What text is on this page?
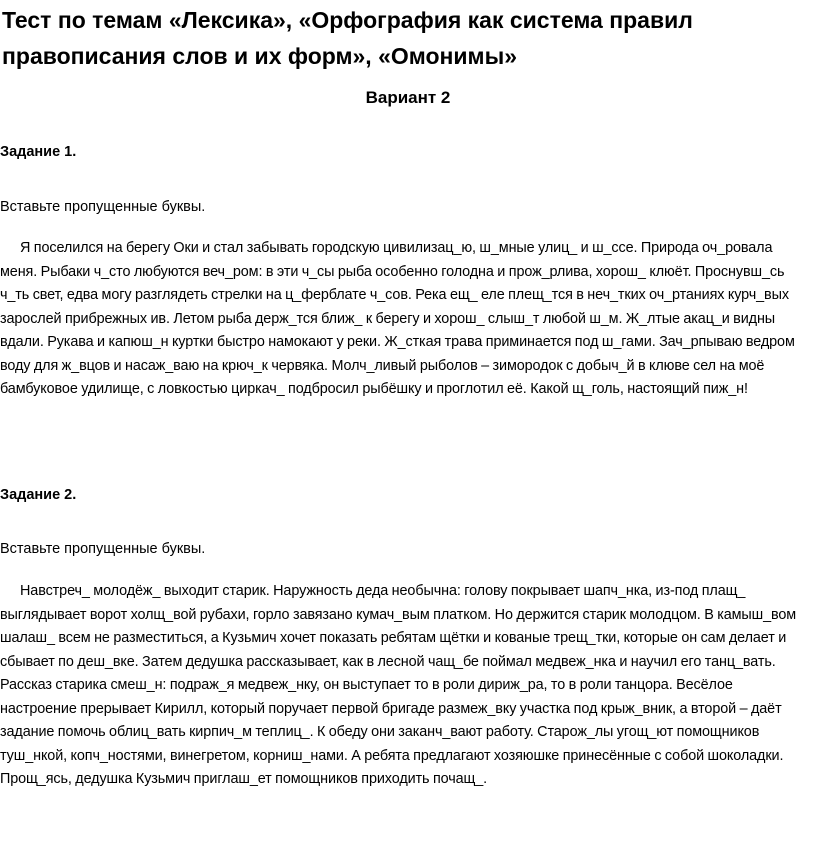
Тест по темам «Лексика», «Орфография как система правил правописания слов и их форм», «Омонимы»
Вариант 2
Задание 1.

Вставьте пропущенные буквы.

Я поселился на берегу Оки и стал забывать городскую цивилизац_ю, ш_мные улиц_ и ш_ссе. Природа оч_ровала меня. Рыбаки ч_сто любуются веч_ром: в эти ч_сы рыба особенно голодна и прож_рлива, хорош_ клюёт. Проснувш_сь ч_ть свет, едва могу разглядеть стрелки на ц_ферблате ч_сов. Река ещ_ еле плещ_тся в неч_тких оч_ртаниях курч_вых зарослей прибрежных ив. Летом рыба держ_тся ближ_ к берегу и хорош_ слыш_т любой ш_м. Ж_лтые акац_и видны вдали. Рукава и капюш_н куртки быстро намокают у реки. Ж_сткая трава приминается под ш_гами. Зач_рпываю ведром воду для ж_вцов и насаж_ваю на крюч_к червяка. Молч_ливый рыболов – зимородок с добыч_й в клюве сел на моё бамбуковое удилище, с ловкостью циркач_ подбросил рыбёшку и проглотил её. Какой щ_голь, настоящий пиж_н!

Задание 2.

Вставьте пропущенные буквы.

Навстреч_ молодёж_ выходит старик. Наружность деда необычна: голову покрывает шапч_нка, из-под плащ_ выглядывает ворот холщ_вой рубахи, горло завязано кумач_вым платком. Но держится старик молодцом. В камыш_вом шалаш_ всем не разместиться, а Кузьмич хочет показать ребятам щётки и кованые трещ_тки, которые он сам делает и сбывает по деш_вке. Затем дедушка рассказывает, как в лесной чащ_бе поймал медвеж_нка и научил его танц_вать. Рассказ старика смеш_н: подраж_я медвеж_нку, он выступает то в роли дириж_ра, то в роли танцора. Весёлое настроение прерывает Кирилл, который поручает первой бригаде размеж_вку участка под крыж_вник, а второй – даёт задание помочь облиц_вать кирпич_м теплиц_. К обеду они заканч_вают работу. Старож_лы угощ_ют помощников туш_нкой, копч_ностями, винегретом, корниш_нами. А ребята предлагают хозяюшке принесённые с собой шоколадки. Прощ_ясь, дедушка Кузьмич приглаш_ет помощников приходить почащ_.
